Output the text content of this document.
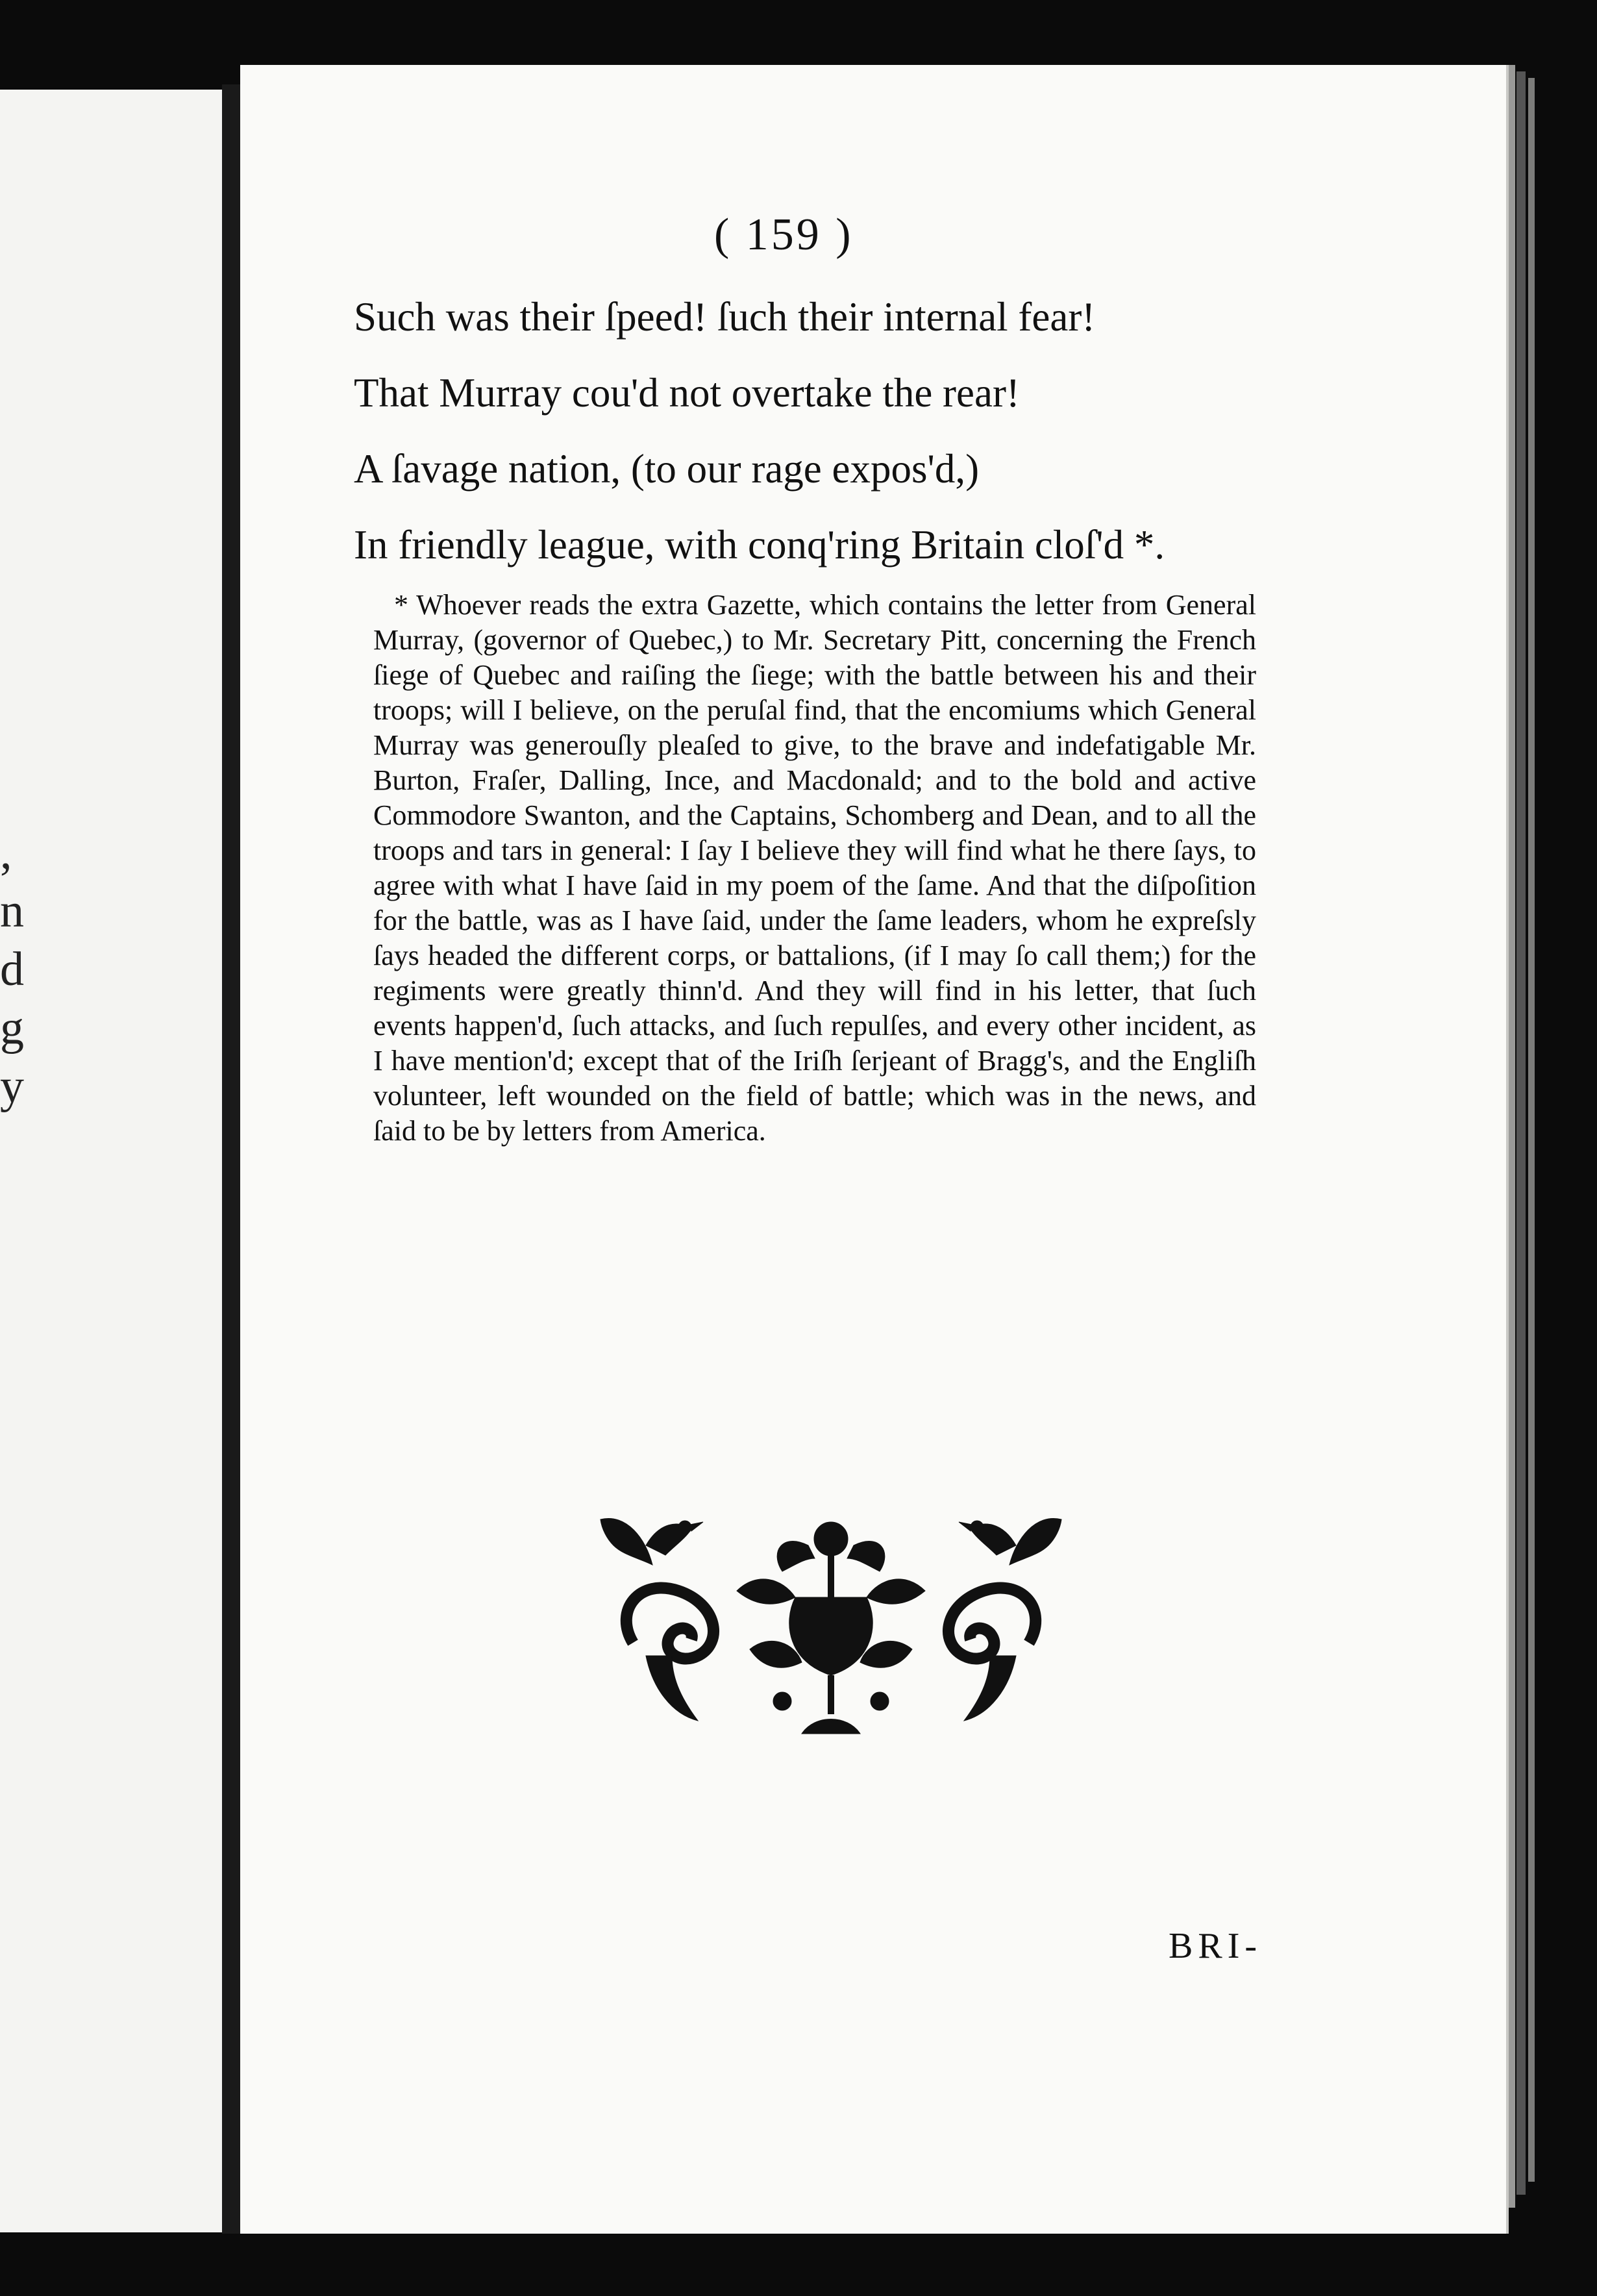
,
n
d
g
y
( 159 )
Such was their ſpeed! ſuch their internal fear!
That Murray cou'd not overtake the rear!
A ſavage nation, (to our rage expos'd,)
In friendly league, with conq'ring Britain cloſ'd *.

* Whoever reads the extra Gazette, which contains the letter from General Murray, (governor of Quebec,) to Mr. Secretary Pitt, concerning the French ſiege of Quebec and raiſing the ſiege; with the battle between his and their troops; will I believe, on the peruſal find, that the encomiums which General Murray was generouſly pleaſed to give, to the brave and indefatigable Mr. Burton, Fraſer, Dalling, Ince, and Macdonald; and to the bold and active Commodore Swanton, and the Captains, Schomberg and Dean, and to all the troops and tars in general: I ſay I believe they will find what he there ſays, to agree with what I have ſaid in my poem of the ſame. And that the diſpoſition for the battle, was as I have ſaid, under the ſame leaders, whom he expreſsly ſays headed the different corps, or battalions, (if I may ſo call them;) for the regiments were greatly thinn'd. And they will find in his letter, that ſuch events happen'd, ſuch attacks, and ſuch repulſes, and every other incident, as I have mention'd; except that of the Iriſh ſerjeant of Bragg's, and the Engliſh volunteer, left wounded on the field of battle; which was in the news, and ſaid to be by letters from America.

BRI-
